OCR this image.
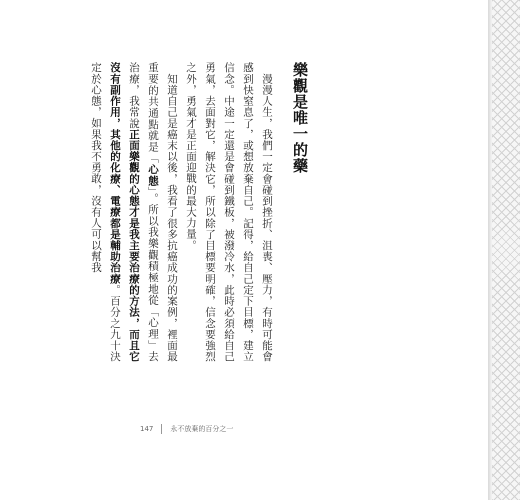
樂觀是唯一的藥

　漫漫人生，我們一定會碰到挫折、沮喪、壓力，有時可能會感到快窒息了，或想放棄自己。記得，給自己定下目標，建立信念。中途一定還是會碰到鐵板，被潑冷水，此時必須給自己勇氣，去面對它，解決它，所以除了目標要明確，信念要強烈之外，勇氣才是正面迎戰的最大力量。

　知道自己是癌末以後，我看了很多抗癌成功的案例，裡面最重要的共通點就是「心態」。所以我樂觀積極地從「心理」去治療，我常說正面樂觀的心態才是我主要治療的方法，而且它沒有副作用，其他的化療、電療都是輔助治療。百分之九十決定於心態，如果我不勇敢，沒有人可以幫我

147 永不放棄的百分之一
